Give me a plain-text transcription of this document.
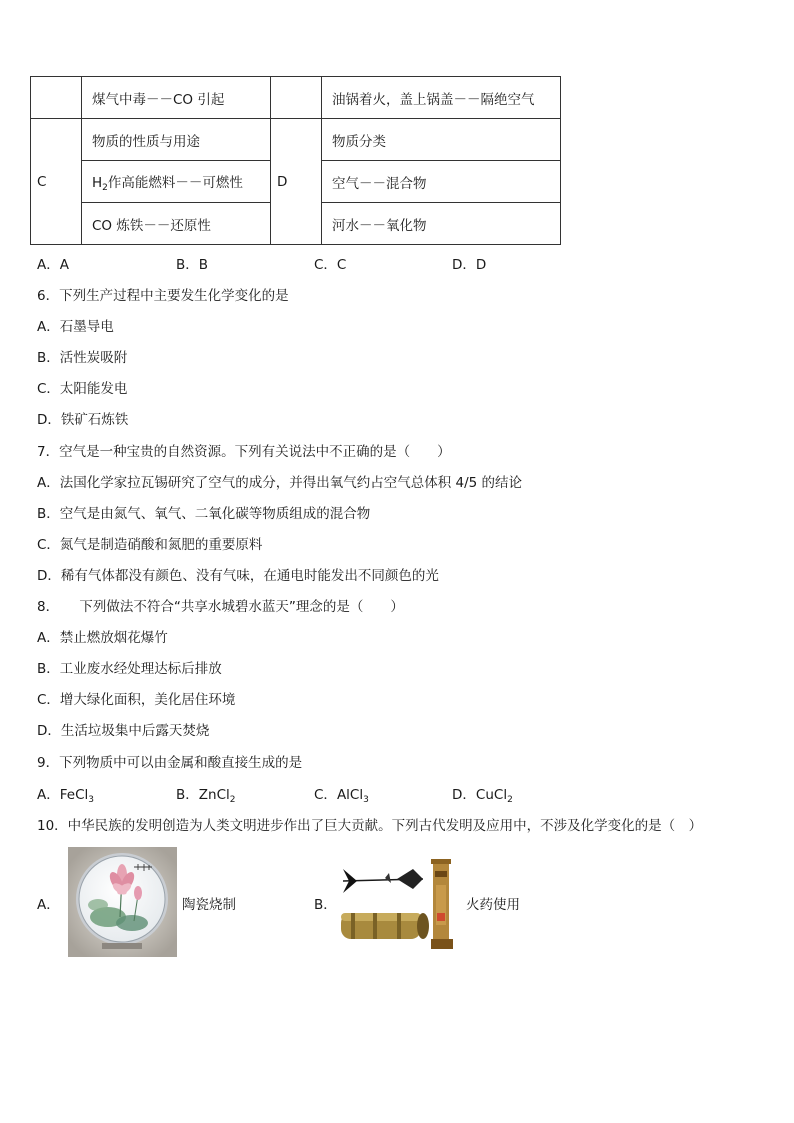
	煤气中毒－－CO 引起		油锅着火，盖上锅盖－－隔绝空气
C	物质的性质与用途	D	物质分类
	$H_2$作高能燃料－－可燃性		空气－－混合物
	CO 炼铁－－还原性		河水－－氧化物
A．A	B．B	C．C	D．D
6．下列生产过程中主要发生化学变化的是
A．石墨导电
B．活性炭吸附
C．太阳能发电
D．铁矿石炼铁
7．空气是一种宝贵的自然资源。下列有关说法中不正确的是（　　）
A．法国化学家拉瓦锡研究了空气的成分，并得出氧气约占空气总体积 4/5 的结论
B．空气是由氮气、氧气、二氧化碳等物质组成的混合物
C．氮气是制造硝酸和氮肥的重要原料
D．稀有气体都没有颜色、没有气味，在通电时能发出不同颜色的光
8．　　下列做法不符合“共享水城碧水蓝天”理念的是（　　）
A．禁止燃放烟花爆竹
B．工业废水经处理达标后排放
C．增大绿化面积，美化居住环境
D．生活垃圾集中后露天焚烧
9．下列物质中可以由金属和酸直接生成的是
A．FeCl$_3$	B．ZnCl$_2$	C．AlCl$_3$	D．CuCl$_2$
10．中华民族的发明创造为人类文明进步作出了巨大贡献。下列古代发明及应用中，不涉及化学变化的是（　）
A．	陶瓷烧制	B．	火药使用
